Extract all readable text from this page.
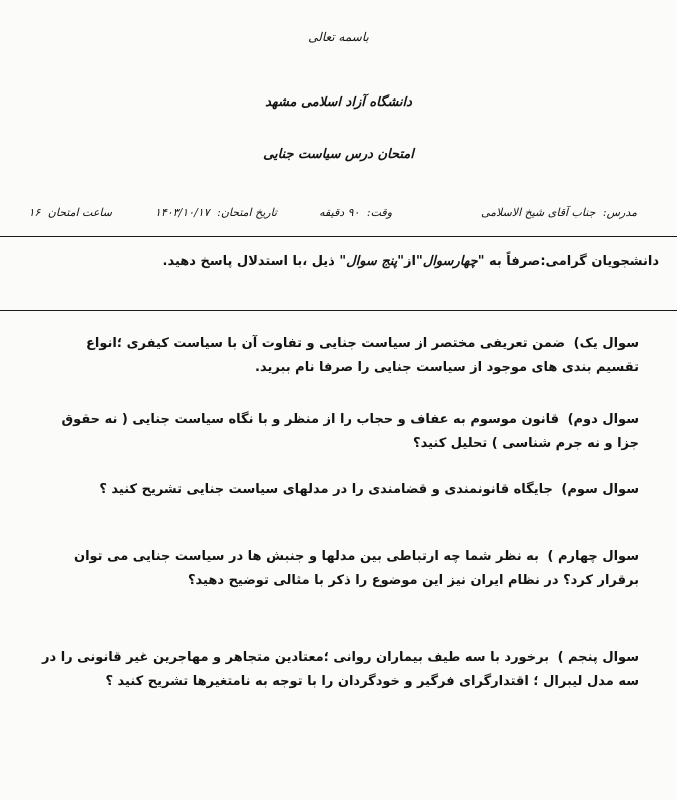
باسمه تعالی
دانشگاه آزاد اسلامی مشهد
امتحان درس سیاست جنایی
مدرس: جناب آقای شیخ الاسلامی
وقت: ۹۰ دقیقه
تاریخ امتحان: ۱۴۰۳/۱۰/۱۷
ساعت امتحان ۱۶
دانشجویان گرامی:صرفاً به "چهارسوال"از"پنج سوال" ذیل ،با استدلال پاسخ دهید.
سوال یک) ضمن تعریفی مختصر از سیاست جنایی و تفاوت آن با سیاست کیفری ؛انواع تقسیم بندی های موجود از سیاست جنایی را صرفا نام ببرید.
سوال دوم) قانون موسوم به عفاف و حجاب را از منظر و با نگاه سیاست جنایی ( نه حقوق جزا و نه جرم شناسی ) تحلیل کنید؟
سوال سوم) جایگاه قانونمندی و قضامندی را در مدلهای سیاست جنایی تشریح کنید ؟
سوال چهارم ) به نظر شما چه ارتباطی بین مدلها و جنبش ها در سیاست جنایی می توان برقرار کرد؟ در نظام ایران نیز این موضوع را ذکر با مثالی توضیح دهید؟
سوال پنجم ) برخورد با سه طیف بیماران روانی ؛معتادین متجاهر و مهاجرین غیر قانونی را در سه مدل لیبرال ؛ اقتدارگرای فرگیر و خودگردان را با توجه به نامتغیرها تشریح کنید ؟
